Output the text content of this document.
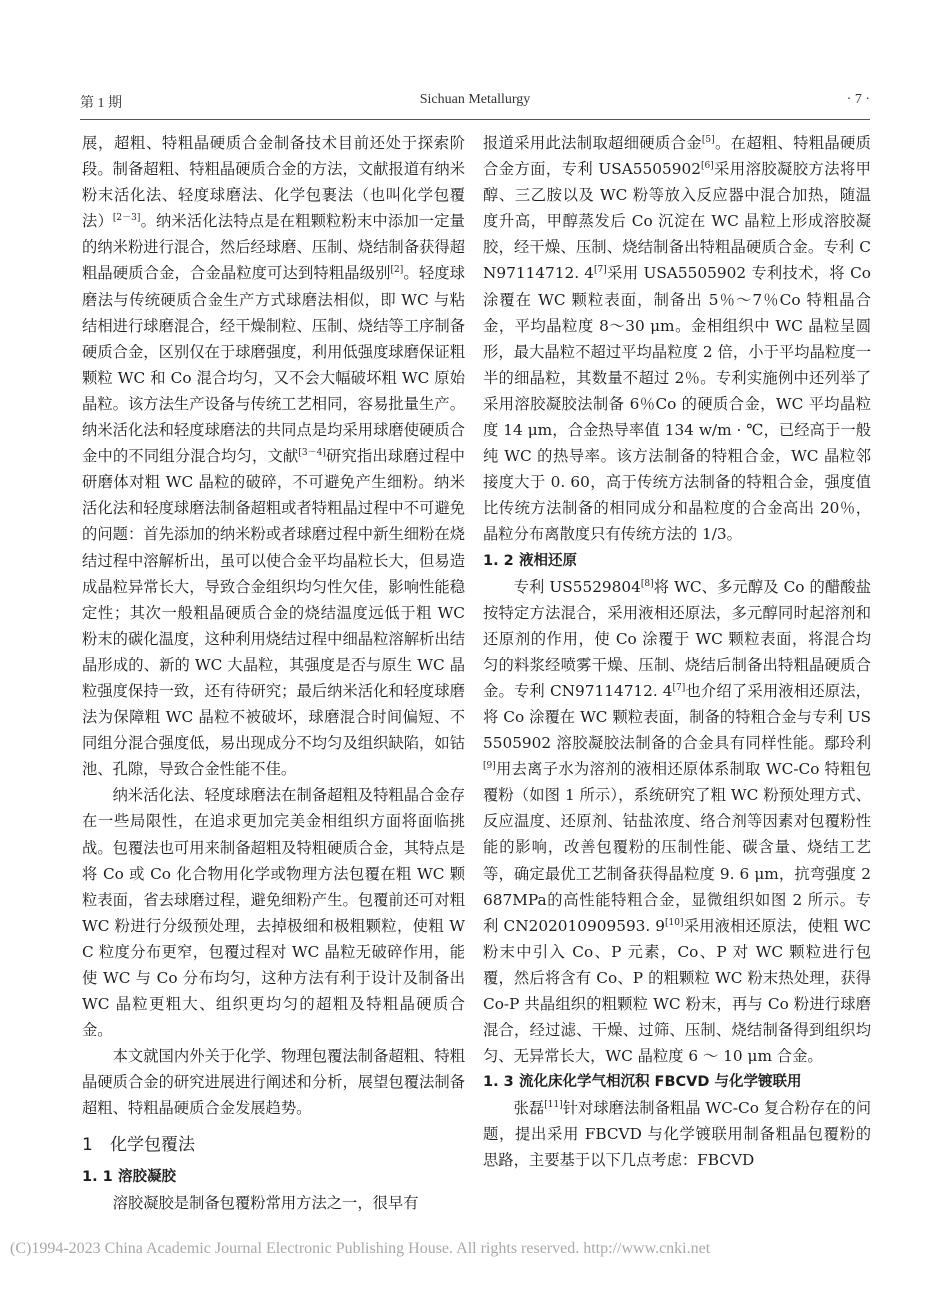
第 1 期	Sichuan Metallurgy	· 7 ·

展，超粗、特粗晶硬质合金制备技术目前还处于探索阶段。制备超粗、特粗晶硬质合金的方法，文献报道有纳米粉末活化法、轻度球磨法、化学包裹法（也叫化学包覆法）[2－3]。纳米活化法特点是在粗颗粒粉末中添加一定量的纳米粉进行混合，然后经球磨、压制、烧结制备获得超粗晶硬质合金，合金晶粒度可达到特粗晶级别[2]。轻度球磨法与传统硬质合金生产方式球磨法相似，即 WC 与粘结相进行球磨混合，经干燥制粒、压制、烧结等工序制备硬质合金，区别仅在于球磨强度，利用低强度球磨保证粗颗粒 WC 和 Co 混合均匀，又不会大幅破坏粗 WC 原始晶粒。该方法生产设备与传统工艺相同，容易批量生产。纳米活化法和轻度球磨法的共同点是均采用球磨使硬质合金中的不同组分混合均匀，文献[3－4]研究指出球磨过程中研磨体对粗 WC 晶粒的破碎，不可避免产生细粉。纳米活化法和轻度球磨法制备超粗或者特粗晶过程中不可避免的问题：首先添加的纳米粉或者球磨过程中新生细粉在烧结过程中溶解析出，虽可以使合金平均晶粒长大，但易造成晶粒异常长大，导致合金组织均匀性欠佳，影响性能稳定性；其次一般粗晶硬质合金的烧结温度远低于粗 WC 粉末的碳化温度，这种利用烧结过程中细晶粒溶解析出结晶形成的、新的 WC 大晶粒，其强度是否与原生 WC 晶粒强度保持一致，还有待研究；最后纳米活化和轻度球磨法为保障粗 WC 晶粒不被破坏，球磨混合时间偏短、不同组分混合强度低，易出现成分不均匀及组织缺陷，如钴池、孔隙，导致合金性能不佳。

纳米活化法、轻度球磨法在制备超粗及特粗晶合金存在一些局限性，在追求更加完美金相组织方面将面临挑战。包覆法也可用来制备超粗及特粗硬质合金，其特点是将 Co 或 Co 化合物用化学或物理方法包覆在粗 WC 颗粒表面，省去球磨过程，避免细粉产生。包覆前还可对粗 WC 粉进行分级预处理，去掉极细和极粗颗粒，使粗 WC 粒度分布更窄，包覆过程对 WC 晶粒无破碎作用，能使 WC 与 Co 分布均匀，这种方法有利于设计及制备出 WC 晶粒更粗大、组织更均匀的超粗及特粗晶硬质合金。

本文就国内外关于化学、物理包覆法制备超粗、特粗晶硬质合金的研究进展进行阐述和分析，展望包覆法制备超粗、特粗晶硬质合金发展趋势。

1 化学包覆法
1. 1 溶胶凝胶

溶胶凝胶是制备包覆粉常用方法之一，很早有

报道采用此法制取超细硬质合金[5]。在超粗、特粗晶硬质合金方面，专利 USA5505902[6]采用溶胶凝胶方法将甲醇、三乙胺以及 WC 粉等放入反应器中混合加热，随温度升高，甲醇蒸发后 Co 沉淀在 WC 晶粒上形成溶胶凝胶，经干燥、压制、烧结制备出特粗晶硬质合金。专利 CN97114712. 4[7]采用 USA5505902 专利技术，将 Co 涂覆在 WC 颗粒表面，制备出 5％～7％Co 特粗晶合金，平均晶粒度 8～30 μm。金相组织中 WC 晶粒呈圆形，最大晶粒不超过平均晶粒度 2 倍，小于平均晶粒度一半的细晶粒，其数量不超过 2％。专利实施例中还列举了采用溶胶凝胶法制备 6％Co 的硬质合金，WC 平均晶粒度 14 μm，合金热导率值 134 w/m · ℃，已经高于一般纯 WC 的热导率。该方法制备的特粗合金，WC 晶粒邻接度大于 0. 60，高于传统方法制备的特粗合金，强度值比传统方法制备的相同成分和晶粒度的合金高出 20％，晶粒分布离散度只有传统方法的 1/3。

1. 2 液相还原

专利 US5529804[8]将 WC、多元醇及 Co 的醋酸盐按特定方法混合，采用液相还原法，多元醇同时起溶剂和还原剂的作用，使 Co 涂覆于 WC 颗粒表面，将混合均匀的料浆经喷雾干燥、压制、烧结后制备出特粗晶硬质合金。专利 CN97114712. 4[7]也介绍了采用液相还原法，将 Co 涂覆在 WC 颗粒表面，制备的特粗合金与专利 US5505902 溶胶凝胶法制备的合金具有同样性能。鄢玲利[9]用去离子水为溶剂的液相还原体系制取 WC-Co 特粗包覆粉（如图 1 所示），系统研究了粗 WC 粉预处理方式、反应温度、还原剂、钴盐浓度、络合剂等因素对包覆粉性能的影响，改善包覆粉的压制性能、碳含量、烧结工艺等，确定最优工艺制备获得晶粒度 9. 6 μm，抗弯强度 2 687MPa的高性能特粗合金，显微组织如图 2 所示。专利 CN202010909593. 9[10]采用液相还原法，使粗 WC 粉末中引入 Co、P 元素，Co、P 对 WC 颗粒进行包覆，然后将含有 Co、P 的粗颗粒 WC 粉末热处理，获得 Co-P 共晶组织的粗颗粒 WC 粉末，再与 Co 粉进行球磨混合，经过滤、干燥、过筛、压制、烧结制备得到组织均匀、无异常长大，WC 晶粒度 6 ～ 10 μm 合金。

1. 3 流化床化学气相沉积 FBCVD 与化学镀联用

张磊[11]针对球磨法制备粗晶 WC-Co 复合粉存在的问题，提出采用 FBCVD 与化学镀联用制备粗晶包覆粉的思路，主要基于以下几点考虑：FBCVD

(C)1994-2023 China Academic Journal Electronic Publishing House. All rights reserved. http://www.cnki.net
